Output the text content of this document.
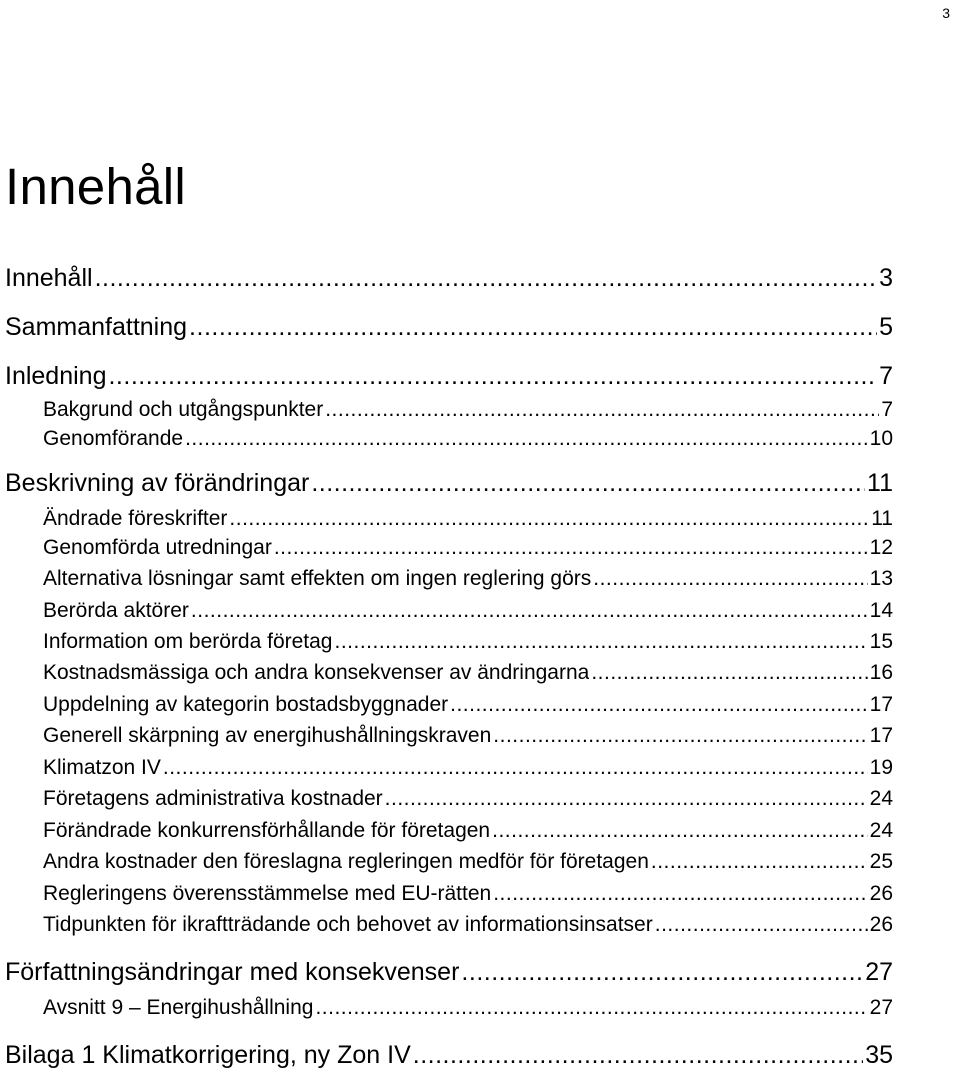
3
Innehåll
Innehåll .....	3
Sammanfattning .....	5
Inledning .....	7
Bakgrund och utgångspunkter .....	7
Genomförande .....	10
Beskrivning av förändringar .....	11
Ändrade föreskrifter .....	11
Genomförda utredningar .....	12
Alternativa lösningar samt effekten om ingen reglering görs .....	13
Berörda aktörer .....	14
Information om berörda företag .....	15
Kostnadsmässiga och andra konsekvenser av ändringarna .....	16
Uppdelning av kategorin bostadsbyggnader .....	17
Generell skärpning av energihushållningskraven .....	17
Klimatzon IV .....	19
Företagens administrativa kostnader .....	24
Förändrade konkurrensförhållande för företagen .....	24
Andra kostnader den föreslagna regleringen medför för företagen .....	25
Regleringens överensstämmelse med EU-rätten .....	26
Tidpunkten för ikraftträdande och behovet av informationsinsatser .....	26
Författningsändringar med konsekvenser .....	27
Avsnitt 9 – Energihushållning .....	27
Bilaga 1 Klimatkorrigering, ny Zon IV .....	35
